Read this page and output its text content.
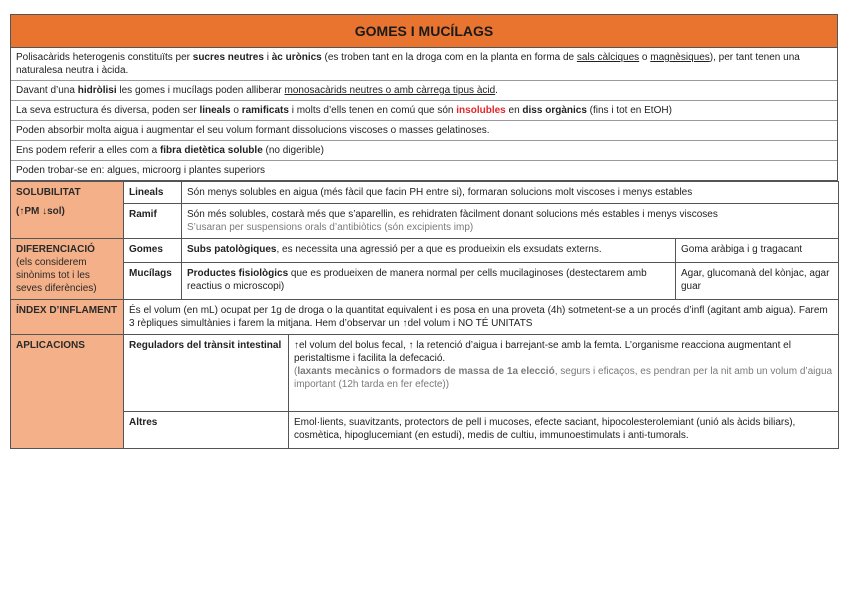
GOMES I MUCÍLAGS
Polisacàrids heterogenis constituïts per sucres neutres i àc urònics (es troben tant en la droga com en la planta en forma de sals càlciques o magnèsiques), per tant tenen una naturalesa neutra i àcida.
Davant d’una hidròlisi les gomes i mucílags poden alliberar monosacàrids neutres o amb càrrega tipus àcid.
La seva estructura és diversa, poden ser lineals o ramificats i molts d’ells tenen en comú que són insolubles en diss orgànics (fins i tot en EtOH)
Poden absorbir molta aigua i augmentar el seu volum formant dissolucions viscoses o masses gelatinoses.
Ens podem referir a elles com a fibra dietètica soluble (no digerible)
Poden trobar-se en: algues, microorg i plantes superiors
SOLUBILITAT
(↑PM ↓sol)	Lineals	Són menys solubles en aigua (més fàcil que facin PH entre si), formaran solucions molt viscoses i menys estables		
	Ramif	Són més solubles, costarà més que s’aparellin, es rehidraten fàcilment donant solucions més estables i menys viscoses
S’usaran per suspensions orals d’antibiòtics (són excipients imp)		

DIFERENCIACIÓ
(els considerem sinònims tot i les seves diferències)	Gomes	Subs patològiques, es necessita una agressió per a que es produeixin els exsudats externs.		Goma aràbiga i g tragacant
	Mucílags	Productes fisiològics que es produeixen de manera normal per cells mucilaginoses (destectarem amb reactius o microscopi)		Agar, glucomanà del kònjac, agar guar
ÍNDEX D’INFLAMENT	És el volum (en mL) ocupat per 1g de droga o la quantitat equivalent i es posa en una proveta (4h) sotmetent-se a un procés d’infl (agitant amb aigua). Farem 3 rèpliques simultànies i farem la mitjana. Hem d’observar un ↑del volum i NO TÉ UNITATS			
APLICACIONS	Reguladors del trànsit intestinal		↑el volum del bolus fecal, ↑ la retenció d’aigua i barrejant-se amb la femta. L’organisme reacciona augmentant el peristaltisme i facilita la defecació.
(laxants mecànics o formadors de massa de 1a elecció, segurs i eficaços, es pendran per la nit amb un volum d’aigua important (12h tarda en fer efecte))	

	Altres		Emol·lients, suavitzants, protectors de pell i mucoses, efecte saciant, hipocolesterolemiant (unió als àcids biliars), cosmètica, hipoglucemiant (en estudi), medis de cultiu, immunoestimulats i anti-tumorals.	
